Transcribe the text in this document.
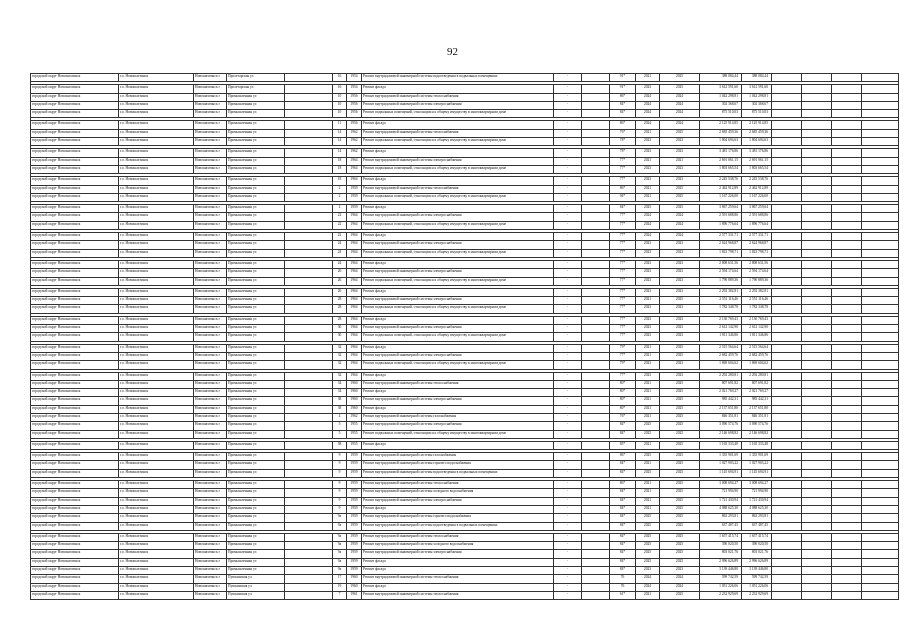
92
городской округ Новошахтинск	г.о. Новошахтинск	Новошахтинск г	Пролетарская ул		16	1954	Ремонт внутридомовой инженерной системы водоотведения в подвальных помещениях	-		91*	2021	2025	388 084,44	388 084,44				

городской округ Новошахтинск	г.о. Новошахтинск	Новошахтинск г	Пролетарская ул		16	1954	Ремонт фасада	-		91*	2023	2025	3 612 591,60	3 612 591,60				
городской округ Новошахтинск	г.о. Новошахтинск	Новошахтинск г	Промышленная ул		10	1956	Ремонт внутридомовой инженерной системы теплоснабжения	-		86*	2024	2024	1 042 298,81	1 042 298,81				
городской округ Новошахтинск	г.о. Новошахтинск	Новошахтинск г	Промышленная ул		10	1956	Ремонт внутридомовой инженерной системы электроснабжения	-		84*	2024	2024	302 368,67	302 368,67				
городской округ Новошахтинск	г.о. Новошахтинск	Новошахтинск г	Промышленная ул		10	1956	Ремонт подвальных помещений, относящихся к общему имуществу в многоквартирном доме	-		84*	2024	2024	875 510,03	875 510,03				

городской округ Новошахтинск	г.о. Новошахтинск	Новошахтинск г	Промышленная ул		11	1956	Ремонт фасада	-		86*	2024	2024	2 125 914,85	2 125 914,85				
городской округ Новошахтинск	г.о. Новошахтинск	Новошахтинск г	Промышленная ул		14	1962	Ремонт внутридомовой инженерной системы теплоснабжения	-		76*	2021	2025	2 685 459,36	2 685 459,36				
городской округ Новошахтинск	г.о. Новошахтинск	Новошахтинск г	Промышленная ул		14	1962	Ремонт подвальных помещений, относящихся к общему имуществу в многоквартирном доме	-		78*	2023	2023	1 804 694,63	1 804 694,63				

городской округ Новошахтинск	г.о. Новошахтинск	Новошахтинск г	Промышленная ул		14	1962	Ремонт фасада	-		78*	2023	2023	3 481 176,86	3 481 176,86				
городской округ Новошахтинск	г.о. Новошахтинск	Новошахтинск г	Промышленная ул		18	1964	Ремонт внутридомовой инженерной системы электроснабжения	-		77*	2021	2021	2 691 061,15	2 691 061,15				
городской округ Новошахтинск	г.о. Новошахтинск	Новошахтинск г	Промышленная ул		18	1964	Ремонт подвальных помещений, относящихся к общему имуществу в многоквартирном доме	-		77*	2023	2023	1 803 665,54	1 803 665,54				

городской округ Новошахтинск	г.о. Новошахтинск	Новошахтинск г	Промышленная ул		18	1964	Ремонт фасада	-		77*	2023	2023	2 245 538,76	2 245 538,76				
городской округ Новошахтинск	г.о. Новошахтинск	Новошахтинск г	Промышленная ул		2	1959	Ремонт внутридомовой инженерной системы теплоснабжения	-		86*	2021	2025	2 462 912,89	2 462 912,89				
городской округ Новошахтинск	г.о. Новошахтинск	Новошахтинск г	Промышленная ул		2	1959	Ремонт подвальных помещений, относящихся к общему имуществу в многоквартирном доме	-		94*	2021	2025	1 167 226,00	1 167 226,00				

городской округ Новошахтинск	г.о. Новошахтинск	Новошахтинск г	Промышленная ул		2	1959	Ремонт фасада	-		84*	2025	2025	3 867 259,64	3 867 259,64				
городской округ Новошахтинск	г.о. Новошахтинск	Новошахтинск г	Промышленная ул		22	1964	Ремонт внутридомовой инженерной системы электроснабжения	-		77*	2024	2024	2 591 688,86	2 591 688,86				
городской округ Новошахтинск	г.о. Новошахтинск	Новошахтинск г	Промышленная ул		22	1964	Ремонт подвальных помещений, относящихся к общему имуществу в многоквартирном доме	-		77*	2024	2024	1 890 776,64	1 890 776,64				

городской округ Новошахтинск	г.о. Новошахтинск	Новошахтинск г	Промышленная ул		22	1964	Ремонт фасада	-		77*	2024	2024	2 577 331,71	2 577 331,71				
городской округ Новошахтинск	г.о. Новошахтинск	Новошахтинск г	Промышленная ул		24	1964	Ремонт внутридомовой инженерной системы электроснабжения	-		77*	2023	2023	2 624 968,87	2 624 968,87				
городской округ Новошахтинск	г.о. Новошахтинск	Новошахтинск г	Промышленная ул		24	1964	Ремонт подвальных помещений, относящихся к общему имуществу в многоквартирном доме	-		77*	2023	2023	1 823 798,71	1 823 798,71				

городской округ Новошахтинск	г.о. Новошахтинск	Новошахтинск г	Промышленная ул		24	1964	Ремонт фасада	-		77*	2023	2023	2 808 631,56	2 808 631,56				
городской округ Новошахтинск	г.о. Новошахтинск	Новошахтинск г	Промышленная ул		26	1964	Ремонт внутридомовой инженерной системы электроснабжения	-		77*	2023	2023	2 594 174,64	2 594 174,64				
городской округ Новошахтинск	г.о. Новошахтинск	Новошахтинск г	Промышленная ул		26	1964	Ремонт подвальных помещений, относящихся к общему имуществу в многоквартирном доме	-		77*	2023	2023	1 790 889,36	1 790 889,36				

городской округ Новошахтинск	г.о. Новошахтинск	Новошахтинск г	Промышленная ул		26	1964	Ремонт фасада	-		77*	2023	2023	2 292 382,81	2 292 382,81				
городской округ Новошахтинск	г.о. Новошахтинск	Новошахтинск г	Промышленная ул		28	1964	Ремонт внутридомовой инженерной системы электроснабжения	-		77*	2021	2025	2 551 116,46	2 551 116,46				
городской округ Новошахтинск	г.о. Новошахтинск	Новошахтинск г	Промышленная ул		28	1964	Ремонт подвальных помещений, относящихся к общему имуществу в многоквартирном доме	-		77*	2023	2023	1 782 348,78	1 782 348,78				

городской округ Новошахтинск	г.о. Новошахтинск	Новошахтинск г	Промышленная ул		28	1964	Ремонт фасада	-		77*	2023	2023	2 130 769,43	2 130 769,43				
городской округ Новошахтинск	г.о. Новошахтинск	Новошахтинск г	Промышленная ул		30	1964	Ремонт внутридомовой инженерной системы электроснабжения	-		77*	2023	2023	2 612 142,90	2 612 142,90				
городской округ Новошахтинск	г.о. Новошахтинск	Новошахтинск г	Промышленная ул		30	1964	Ремонт подвальных помещений, относящихся к общему имуществу в многоквартирном доме	-		77*	2023	2023	1 811 346,86	1 811 346,86				

городской округ Новошахтинск	г.о. Новошахтинск	Новошахтинск г	Промышленная ул		32	1964	Ремонт фасада	-		79*	2021	2025	2 515 564,64	2 515 564,64				
городской округ Новошахтинск	г.о. Новошахтинск	Новошахтинск г	Промышленная ул		32	1964	Ремонт внутридомовой инженерной системы электроснабжения	-		77*	2021	2025	2 682 459,76	2 682 459,76				
городской округ Новошахтинск	г.о. Новошахтинск	Новошахтинск г	Промышленная ул		32	1964	Ремонт подвальных помещений, относящихся к общему имуществу в многоквартирном доме	-		79*	2023	2023	1 869 604,62	1 869 604,62				

городской округ Новошахтинск	г.о. Новошахтинск	Новошахтинск г	Промышленная ул		32	1964	Ремонт фасада	-		77*	2023	2023	2 292 280,81	2 292 280,81				
городской округ Новошахтинск	г.о. Новошахтинск	Новошахтинск г	Промышленная ул		34	1960	Ремонт внутридомовой инженерной системы теплоснабжения	-		80*	2021	2025	807 691,82	807 691,82				
городской округ Новошахтинск	г.о. Новошахтинск	Новошахтинск г	Промышленная ул		34	1960	Ремонт фасада	-		80*	2021	2025	2 021 769,27	2 021 769,27				
городской округ Новошахтинск	г.о. Новошахтинск	Новошахтинск г	Промышленная ул		38	1960	Ремонт внутридомовой инженерной системы электроснабжения	-		80*	2021	2025	985 442,31	985 442,31				
городской округ Новошахтинск	г.о. Новошахтинск	Новошахтинск г	Промышленная ул		38	1960	Ремонт фасада	-		80*	2021	2025	2 137 651,80	2 137 651,80				
городской округ Новошахтинск	г.о. Новошахтинск	Новошахтинск г	Промышленная ул		4	1962	Ремонт внутридомовой инженерной системы газоснабжения	-		76*	2021	2025	846 351,81	846 351,81				
городской округ Новошахтинск	г.о. Новошахтинск	Новошахтинск г	Промышленная ул		5	1955	Ремонт внутридомовой инженерной системы электроснабжения	-		84*	2025	2025	3 090 574,76	3 090 574,76				
городской округ Новошахтинск	г.о. Новошахтинск	Новошахтинск г	Промышленная ул		5	1955	Ремонт подвальных помещений, относящихся к общему имуществу в многоквартирном доме	-		84*	2025	2025	2 146 698,82	2 146 698,82				

городской округ Новошахтинск	г.о. Новошахтинск	Новошахтинск г	Промышленная ул		58	1955	Ремонт фасада	-		85*	2021	2025	1 165 333,48	1 165 333,48				

городской округ Новошахтинск	г.о. Новошахтинск	Новошахтинск г	Промышленная ул		9	1959	Ремонт внутридомовой инженерной системы газоснабжения	-		86*	2025	2025	1 335 901,69	1 335 901,69				
городской округ Новошахтинск	г.о. Новошахтинск	Новошахтинск г	Промышленная ул		9	1959	Ремонт внутридомовой инженерной системы горячего водоснабжения	-		84*	2021	2025	1 027 903,22	1 027 903,22				
городской округ Новошахтинск	г.о. Новошахтинск	Новошахтинск г	Промышленная ул		9	1959	Ремонт внутридомовой инженерной системы водоотведения в подвальных помещениях	-		84*	2025	2025	1 145 694,91	1 145 694,91				

городской округ Новошахтинск	г.о. Новошахтинск	Новошахтинск г	Промышленная ул		9	1959	Ремонт внутридомовой инженерной системы теплоснабжения	-		86*	2021	2025	3 008 694,27	3 008 694,27				
городской округ Новошахтинск	г.о. Новошахтинск	Новошахтинск г	Промышленная ул		9	1959	Ремонт внутридомовой инженерной системы холодного водоснабжения	-		84*	2021	2025	721 994,90	721 994,90				
городской округ Новошахтинск	г.о. Новошахтинск	Новошахтинск г	Промышленная ул		9	1959	Ремонт внутридомовой инженерной системы электроснабжения	-		84*	2021	2025	1 721 430,94	1 721 430,94				
городской округ Новошахтинск	г.о. Новошахтинск	Новошахтинск г	Промышленная ул		9	1959	Ремонт фасада	-		84*	2021	2025	4 088 625,30	4 088 625,30				
городской округ Новошахтинск	г.о. Новошахтинск	Новошахтинск г	Промышленная ул		9а	1959	Ремонт внутридомовой инженерной системы горячего водоснабжения	-		84*	2025	2025	863 293,81	863 293,81				
городской округ Новошахтинск	г.о. Новошахтинск	Новошахтинск г	Промышленная ул		9а	1959	Ремонт внутридомовой инженерной системы водоотведения в подвальных помещениях	-		84*	2025	2025	637 487,45	637 487,45				

городской округ Новошахтинск	г.о. Новошахтинск	Новошахтинск г	Промышленная ул		9а	1959	Ремонт внутридомовой инженерной системы теплоснабжения	-		84*	2025	2025	1 657 415,74	1 657 415,74				
городской округ Новошахтинск	г.о. Новошахтинск	Новошахтинск г	Промышленная ул		9а	1959	Ремонт внутридомовой инженерной системы холодного водоснабжения	-		84*	2025	2025	390 020,50	390 020,50				
городской округ Новошахтинск	г.о. Новошахтинск	Новошахтинск г	Промышленная ул		9а	1959	Ремонт внутридомовой инженерной системы электроснабжения	-		84*	2025	2025	803 021,76	803 021,76				
городской округ Новошахтинск	г.о. Новошахтинск	Новошахтинск г	Промышленная ул		9а	1959	Ремонт фасада	-		84*	2025	2025	2 996 626,89	2 996 626,89				
городской округ Новошахтинск	г.о. Новошахтинск	Новошахтинск г	Промышленная ул		9а	1959	Ремонт фасада	-		84*	2023	2023	3 139 446,80	3 139 446,80				
городской округ Новошахтинск	г.о. Новошахтинск	Новошахтинск г	Пушкинская ул		17	1960	Ремонт внутридомовой инженерной системы теплоснабжения	-		76	2024	2024	599 742,59	599 742,59				
городской округ Новошахтинск	г.о. Новошахтинск	Новошахтинск г	Пушкинская ул		19	1960	Ремонт фасада	-		76	2024	2024	1 051 226,06	1 051 226,06				
городской округ Новошахтинск	г.о. Новошахтинск	Новошахтинск г	Пушкинская ул		7	1961	Ремонт внутридомовой инженерной системы теплоснабжения	-		61*	2021	2025	2 232 929,69	2 232 929,69				
